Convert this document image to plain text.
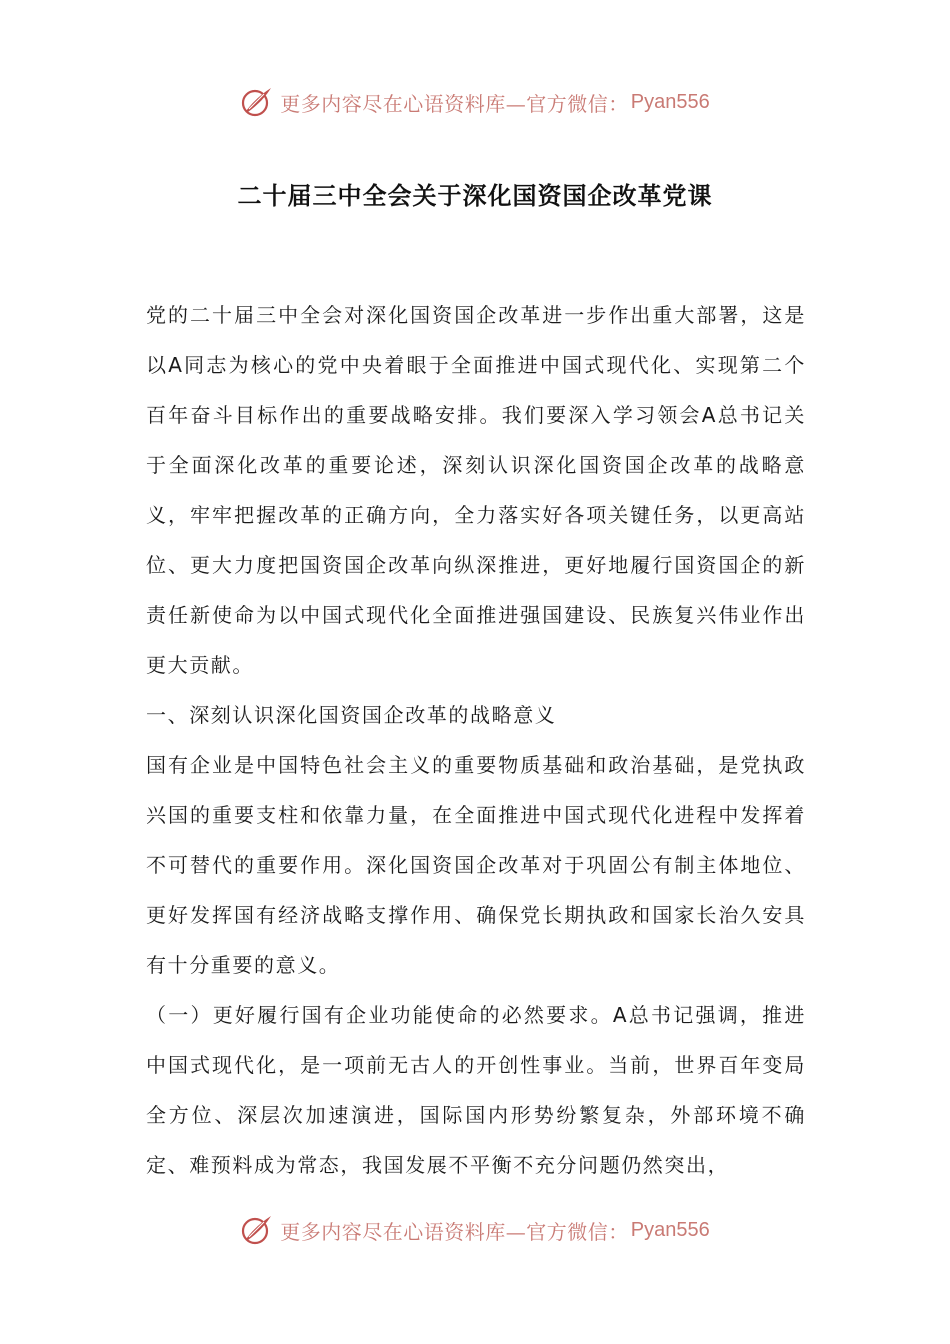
更多内容尽在心语资料库—官方微信： Pyan556
二十届三中全会关于深化国资国企改革党课

党的二十届三中全会对深化国资国企改革进一步作出重大部署，这是以A同志为核心的党中央着眼于全面推进中国式现代化、实现第二个百年奋斗目标作出的重要战略安排。我们要深入学习领会A总书记关于全面深化改革的重要论述，深刻认识深化国资国企改革的战略意义，牢牢把握改革的正确方向，全力落实好各项关键任务，以更高站位、更大力度把国资国企改革向纵深推进，更好地履行国资国企的新责任新使命为以中国式现代化全面推进强国建设、民族复兴伟业作出更大贡献。

一、深刻认识深化国资国企改革的战略意义

国有企业是中国特色社会主义的重要物质基础和政治基础，是党执政兴国的重要支柱和依靠力量，在全面推进中国式现代化进程中发挥着不可替代的重要作用。深化国资国企改革对于巩固公有制主体地位、更好发挥国有经济战略支撑作用、确保党长期执政和国家长治久安具有十分重要的意义。

（一）更好履行国有企业功能使命的必然要求。A总书记强调，推进中国式现代化，是一项前无古人的开创性事业。当前，世界百年变局全方位、深层次加速演进，国际国内形势纷繁复杂，外部环境不确定、难预料成为常态，我国发展不平衡不充分问题仍然突出，

更多内容尽在心语资料库—官方微信： Pyan556
